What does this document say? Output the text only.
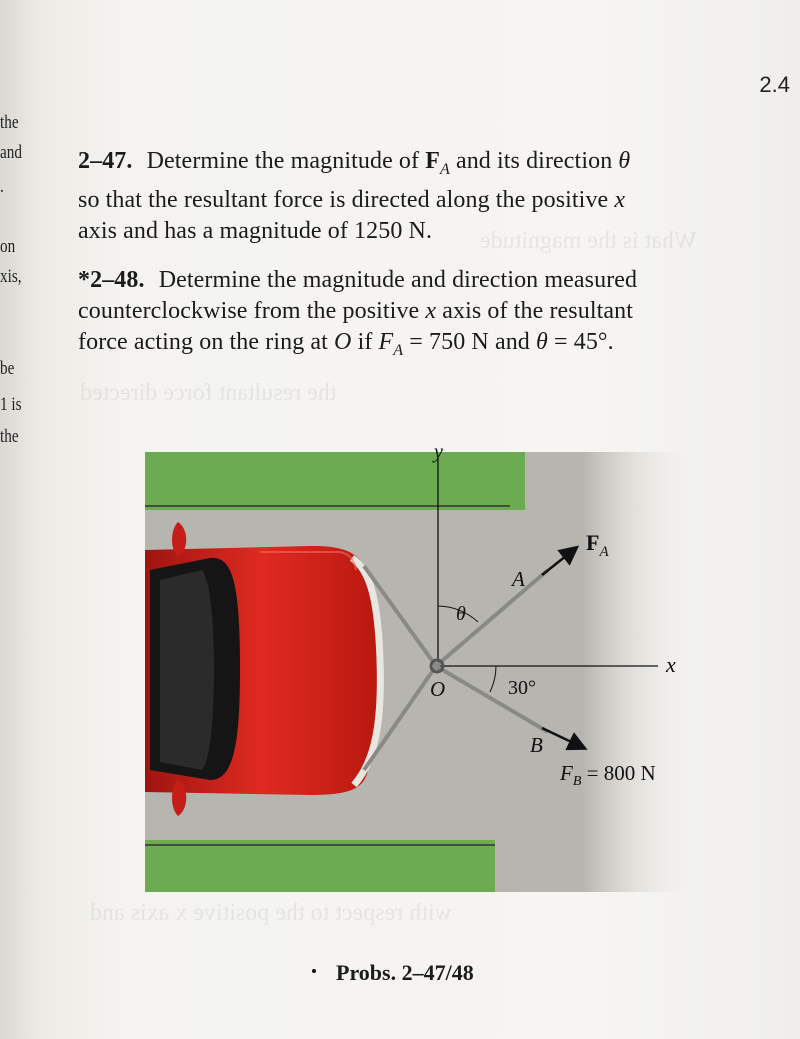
What is the magnitude
the resultant force directed
with respect to the positive x axis and
2.4
the
and
.
on
xis,
be
1 is
the
2–47. Determine the magnitude of $F_A$ and its direction θ
so that the resultant force is directed along the positive x
axis and has a magnitude of 1250 N.
*2–48. Determine the magnitude and direction measured
counterclockwise from the positive x axis of the resultant
force acting on the ring at O if $F_A = 750$ N and θ = 45°.
y
x
$F_A$
A
θ
O	30°
B
$F_B = 800$ N
Probs. 2–47/48
